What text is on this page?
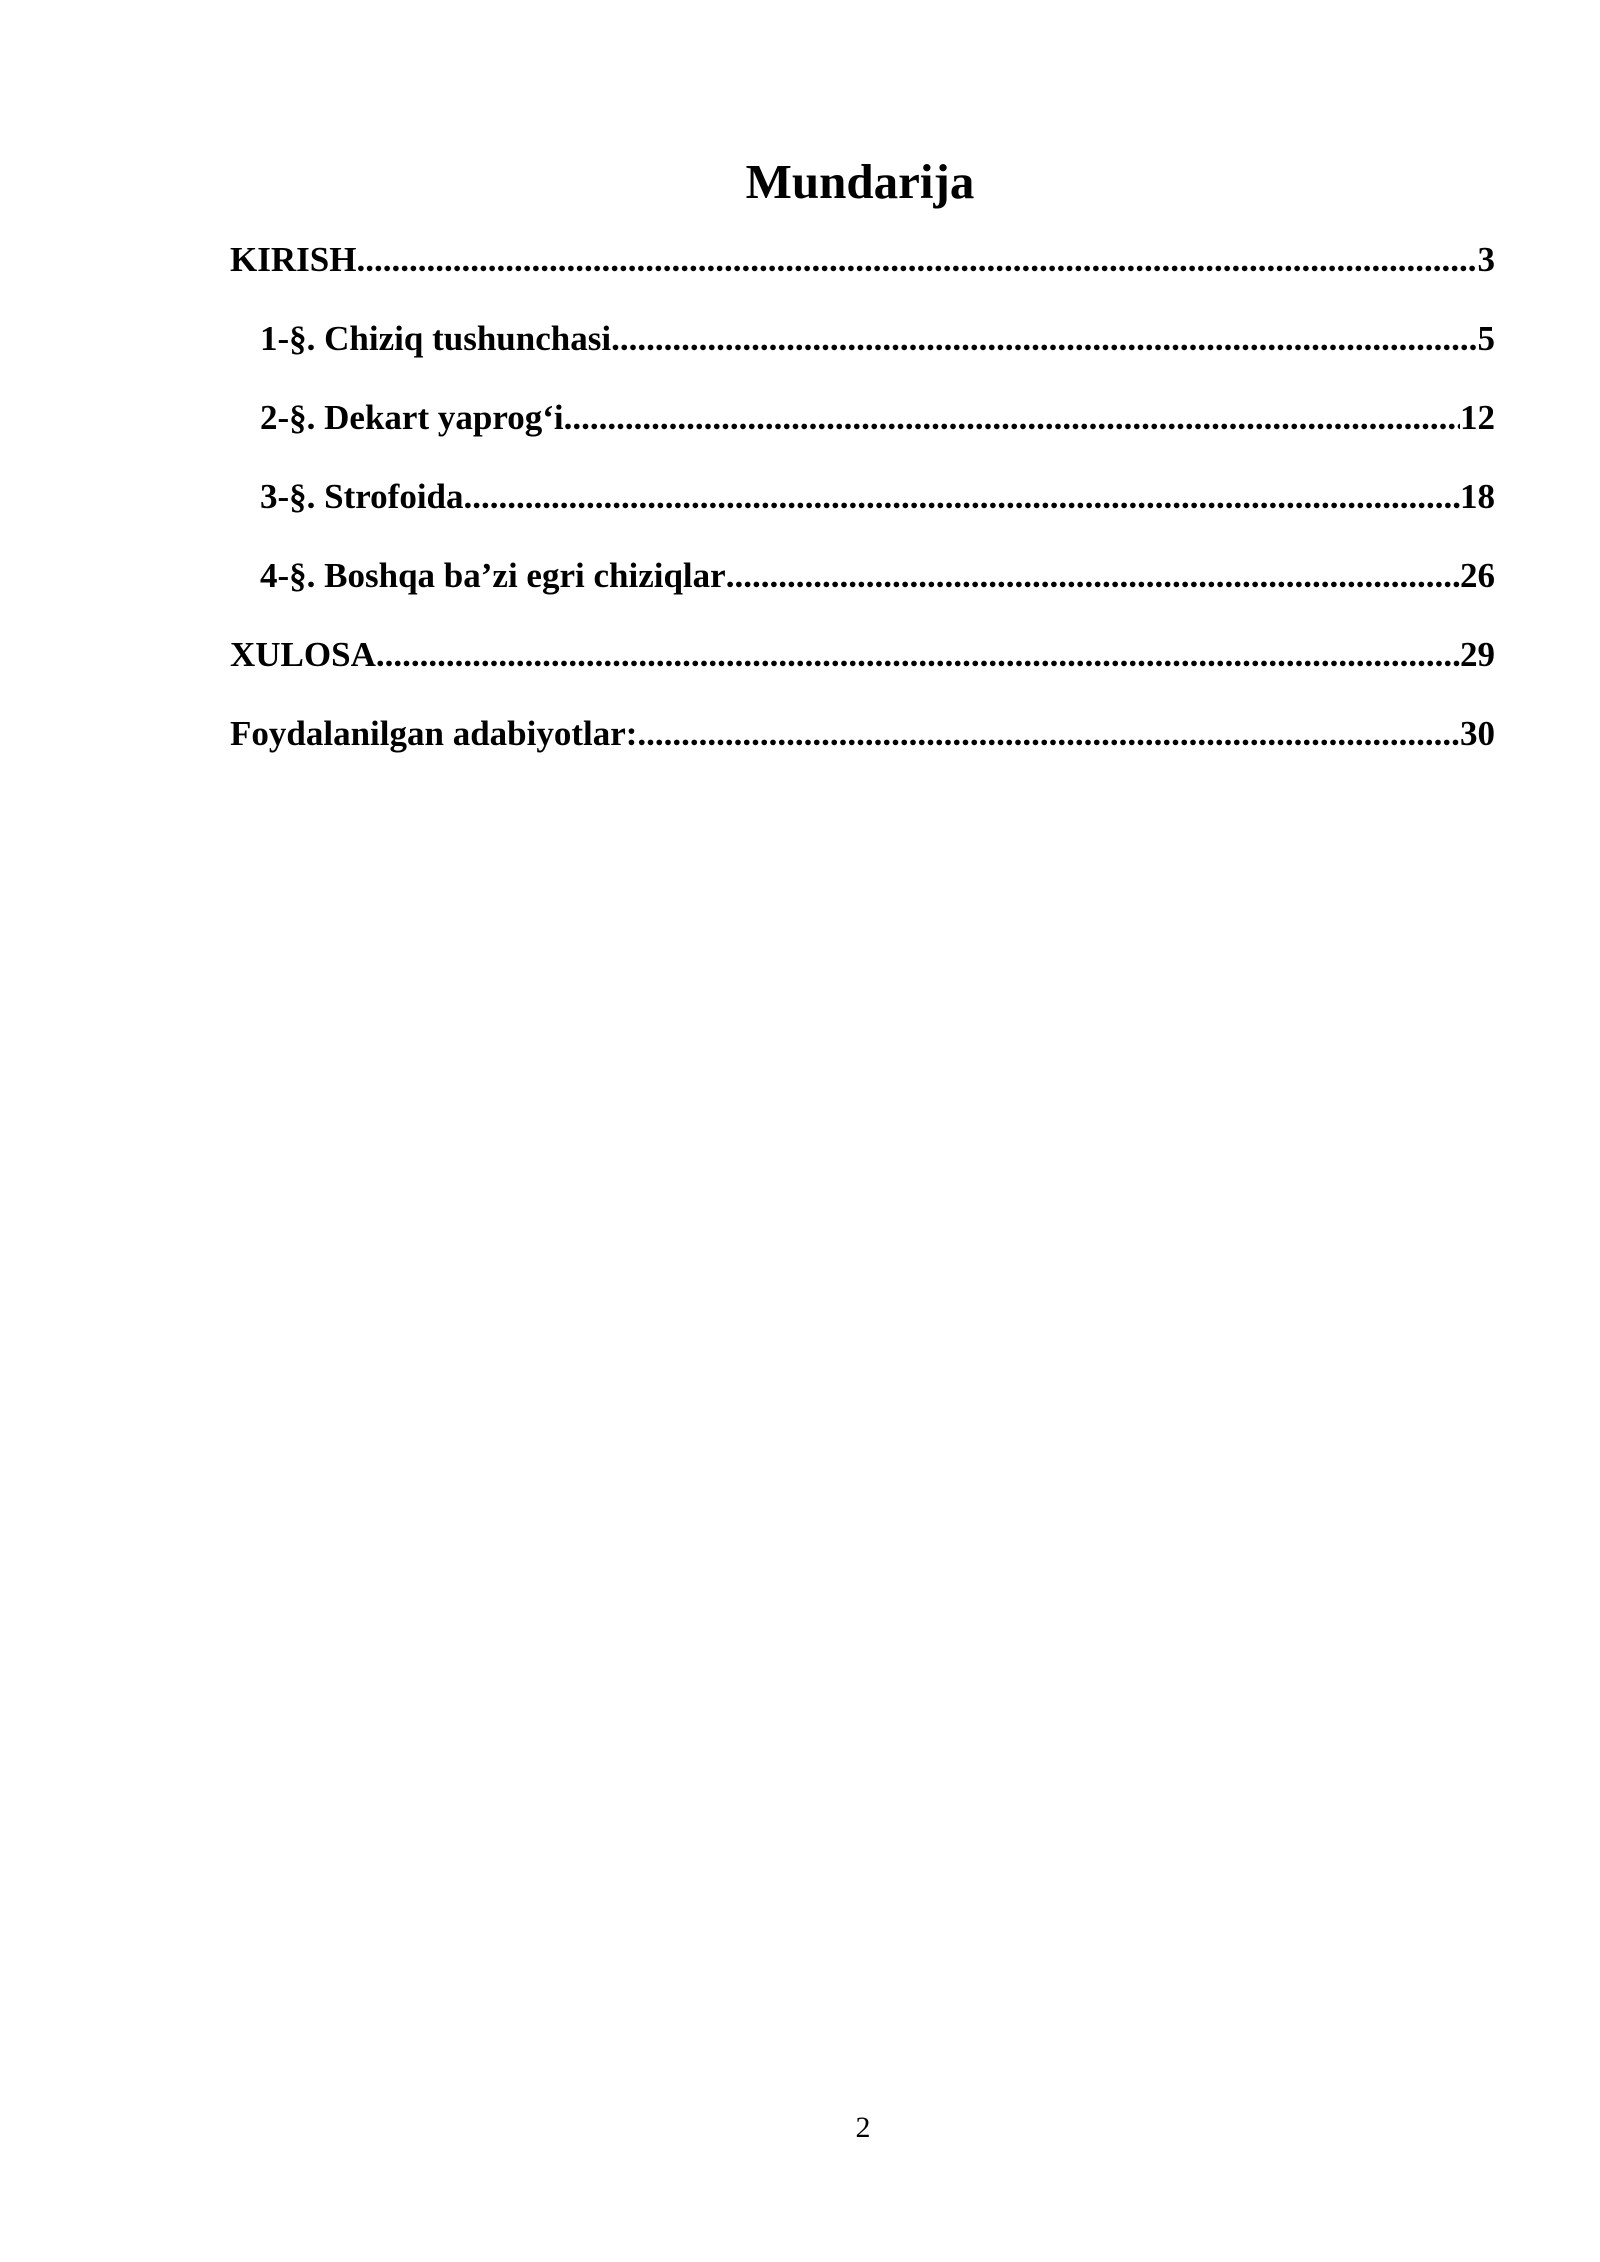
Mundarija
KIRISH .....	3
1-§. Chiziq tushunchasi .....	5
2-§. Dekart yaprog‘i .....	12
3-§. Strofoida .....	18
4-§. Boshqa ba’zi egri chiziqlar .....	26
XULOSA .....	29
Foydalanilgan adabiyotlar: .....	30
2
